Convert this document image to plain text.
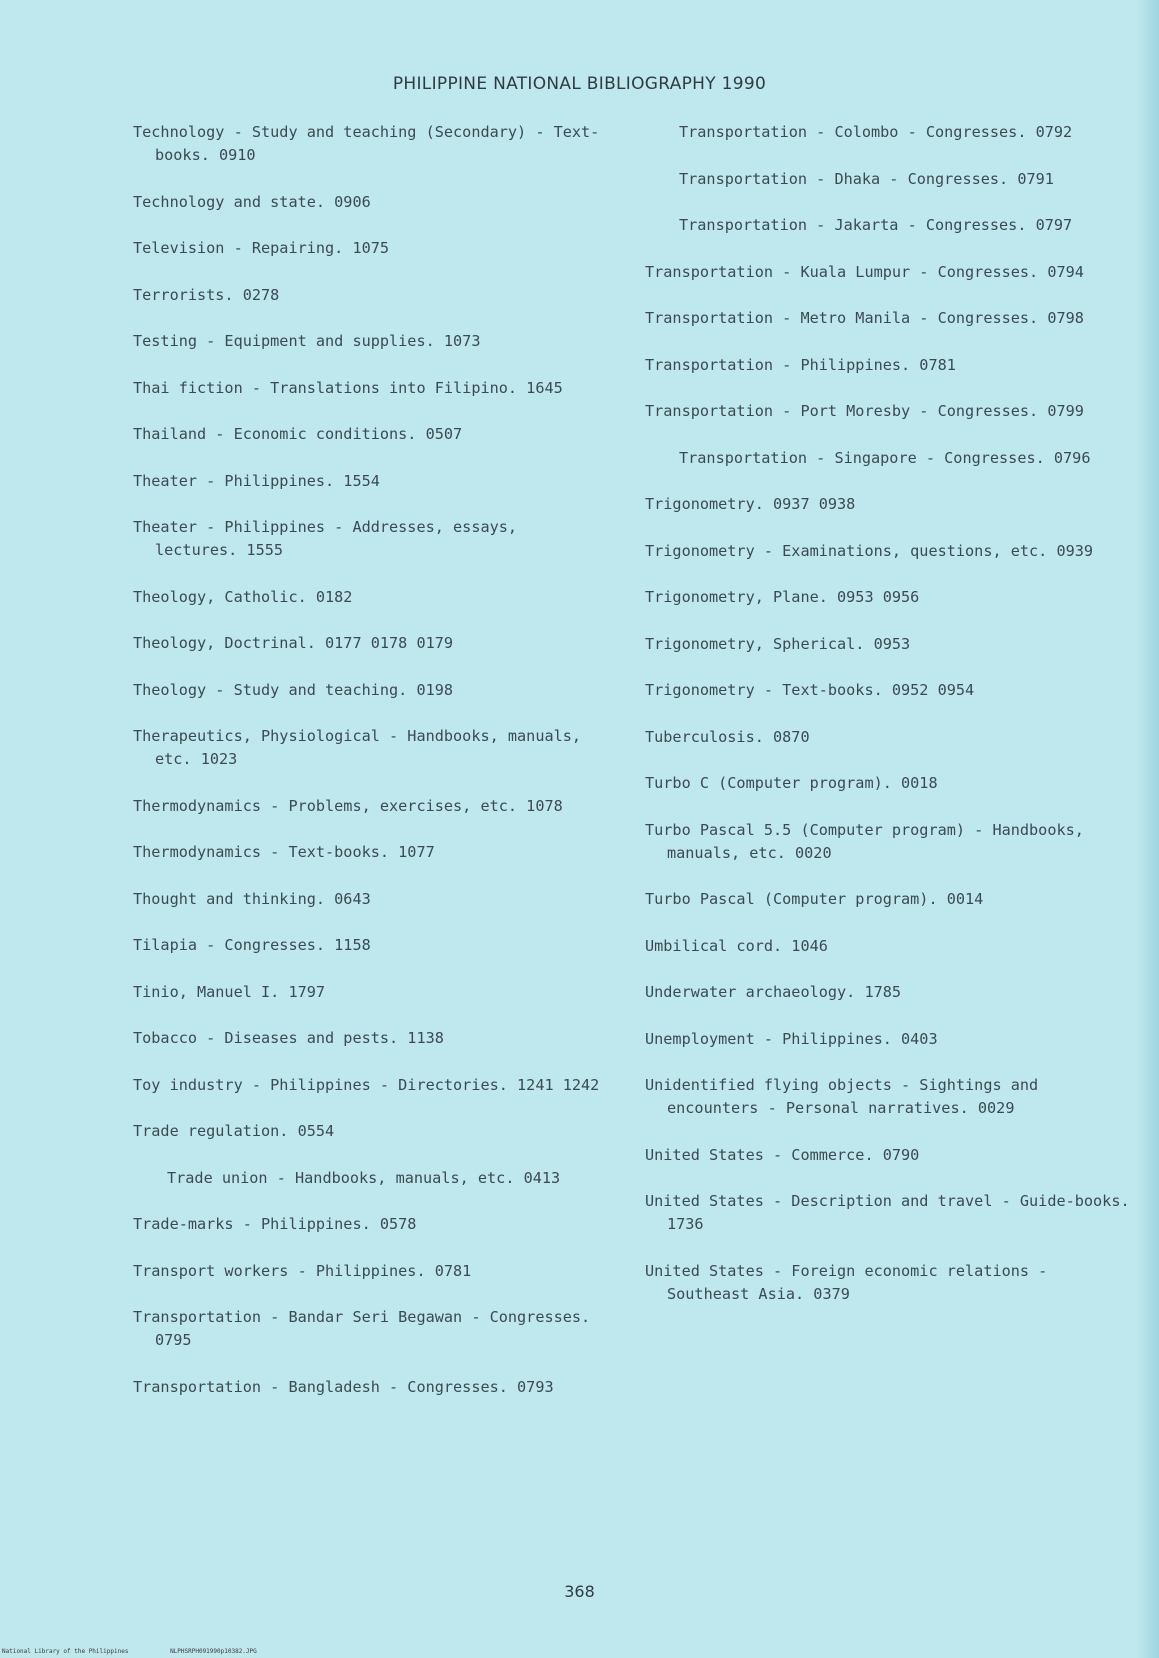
PHILIPPINE NATIONAL BIBLIOGRAPHY 1990
Technology - Study and teaching (Secondary) - Text-books. 0910
Technology and state. 0906
Television - Repairing. 1075
Terrorists. 0278
Testing - Equipment and supplies. 1073
Thai fiction - Translations into Filipino. 1645
Thailand - Economic conditions. 0507
Theater - Philippines. 1554
Theater - Philippines - Addresses, essays, lectures. 1555
Theology, Catholic. 0182
Theology, Doctrinal. 0177 0178 0179
Theology - Study and teaching. 0198
Therapeutics, Physiological - Handbooks, manuals, etc. 1023
Thermodynamics - Problems, exercises, etc. 1078
Thermodynamics - Text-books. 1077
Thought and thinking. 0643
Tilapia - Congresses. 1158
Tinio, Manuel I. 1797
Tobacco - Diseases and pests. 1138
Toy industry - Philippines - Directories. 1241 1242
Trade regulation. 0554
Trade union - Handbooks, manuals, etc. 0413
Trade-marks - Philippines. 0578
Transport workers - Philippines. 0781
Transportation - Bandar Seri Begawan - Congresses. 0795
Transportation - Bangladesh - Congresses. 0793
Transportation - Colombo - Congresses. 0792
Transportation - Dhaka - Congresses. 0791
Transportation - Jakarta - Congresses. 0797
Transportation - Kuala Lumpur - Congresses. 0794
Transportation - Metro Manila - Congresses. 0798
Transportation - Philippines. 0781
Transportation - Port Moresby - Congresses. 0799
Transportation - Singapore - Congresses. 0796
Trigonometry. 0937 0938
Trigonometry - Examinations, questions, etc. 0939
Trigonometry, Plane. 0953 0956
Trigonometry, Spherical. 0953
Trigonometry - Text-books. 0952 0954
Tuberculosis. 0870
Turbo C (Computer program). 0018
Turbo Pascal 5.5 (Computer program) - Handbooks, manuals, etc. 0020
Turbo Pascal (Computer program). 0014
Umbilical cord. 1046
Underwater archaeology. 1785
Unemployment - Philippines. 0403
Unidentified flying objects - Sightings and encounters - Personal narratives. 0029
United States - Commerce. 0790
United States - Description and travel - Guide-books. 1736
United States - Foreign economic relations - Southeast Asia. 0379
368
National Library of the Philippines	NLPHSRPH091990p10382.JPG
